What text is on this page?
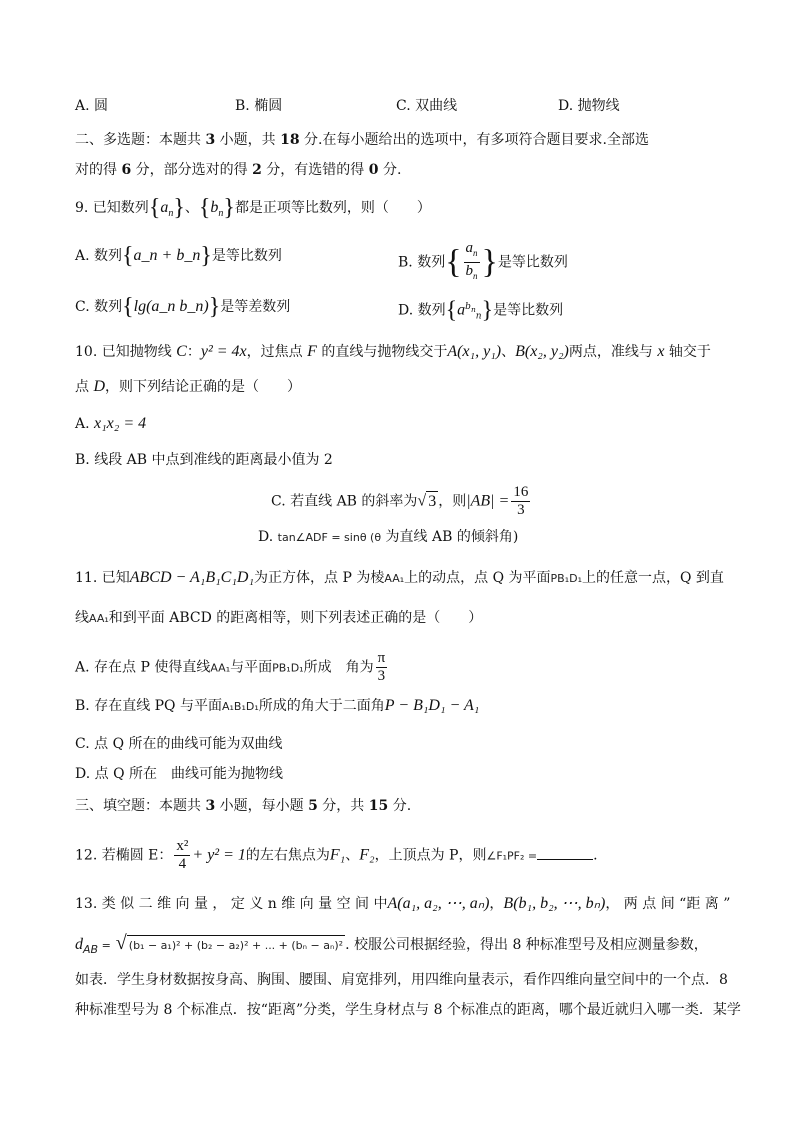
A. 圆	B. 椭圆	C. 双曲线	D. 抛物线
二、多选题：本题共 3 小题，共 18 分.在每小题给出的选项中，有多项符合题目要求.全部选
对的得 6 分，部分选对的得 2 分，有选错的得 0 分.
9. 已知数列$\{a_n\}$、$\{b_n\}$都是正项等比数列，则（　　）
A. 数列{a_n + b_n}是等比数列	B. 数列{ $\frac{a_n}{b_n}$ }是等比数列
C. 数列{lg(a_n b_n)}是等差数列	D. 数列$\{a^{b_n}_n\}$是等比数列
10. 已知抛物线 C：y² = 4x，过焦点 F 的直线与抛物线交于A(x₁, y₁)、B(x₂, y₂)两点，准线与 x 轴交于
点 D，则下列结论正确的是（　　）
A. x₁x₂ = 4
B. 线段 AB 中点到准线的距离最小值为 2
C. 若直线 AB 的斜率为√ 3 ，则$|AB| = \frac{16}{3}$
D. tan∠ADF = sinθ (θ 为直线 AB 的倾斜角)
11. 已知ABCD − A₁B₁C₁D₁为正方体，点 P 为棱AA₁上的动点，点 Q 为平面PB₁D₁上的任意一点，Q 到直
线AA₁和到平面 ABCD 的距离相等，则下列表述正确的是（　　）
A. 存在点 P 使得直线AA₁与平面PB₁D₁所成　角为 $\frac{\pi}{3}$
B. 存在直线 PQ 与平面A₁B₁D₁所成的角大于二面角P − B₁D₁ − A₁
C. 点 Q 所在的曲线可能为双曲线
D. 点 Q 所在　曲线可能为抛物线
三、填空题：本题共 3 小题，每小题 5 分，共 15 分.
12. 若椭圆 E： $\frac{\text{x²}}{4} + y^2 = 1$的左右焦点为F₁、F₂，上顶点为 P，则∠F₁PF₂ =	.
13. 类 似 二 维 向 量 ， 定 义 n 维 向 量 空 间 中A(a₁, a₂, ⋯, aₙ)，B(b₁, b₂, ⋯, bₙ)， 两 点 间 “距 离 ”
$d_{AB}$ = √ (b₁ − a₁)² + (b₂ − a₂)² + ... + (bₙ − aₙ)² . 校服公司根据经验，得出 8 种标准型号及相应测量参数，
如表．学生身材数据按身高、胸围、腰围、肩宽排列，用四维向量表示，看作四维向量空间中的一个点．8
种标准型号为 8 个标准点．按“距离”分类，学生身材点与 8 个标准点的距离，哪个最近就归入哪一类．某学
